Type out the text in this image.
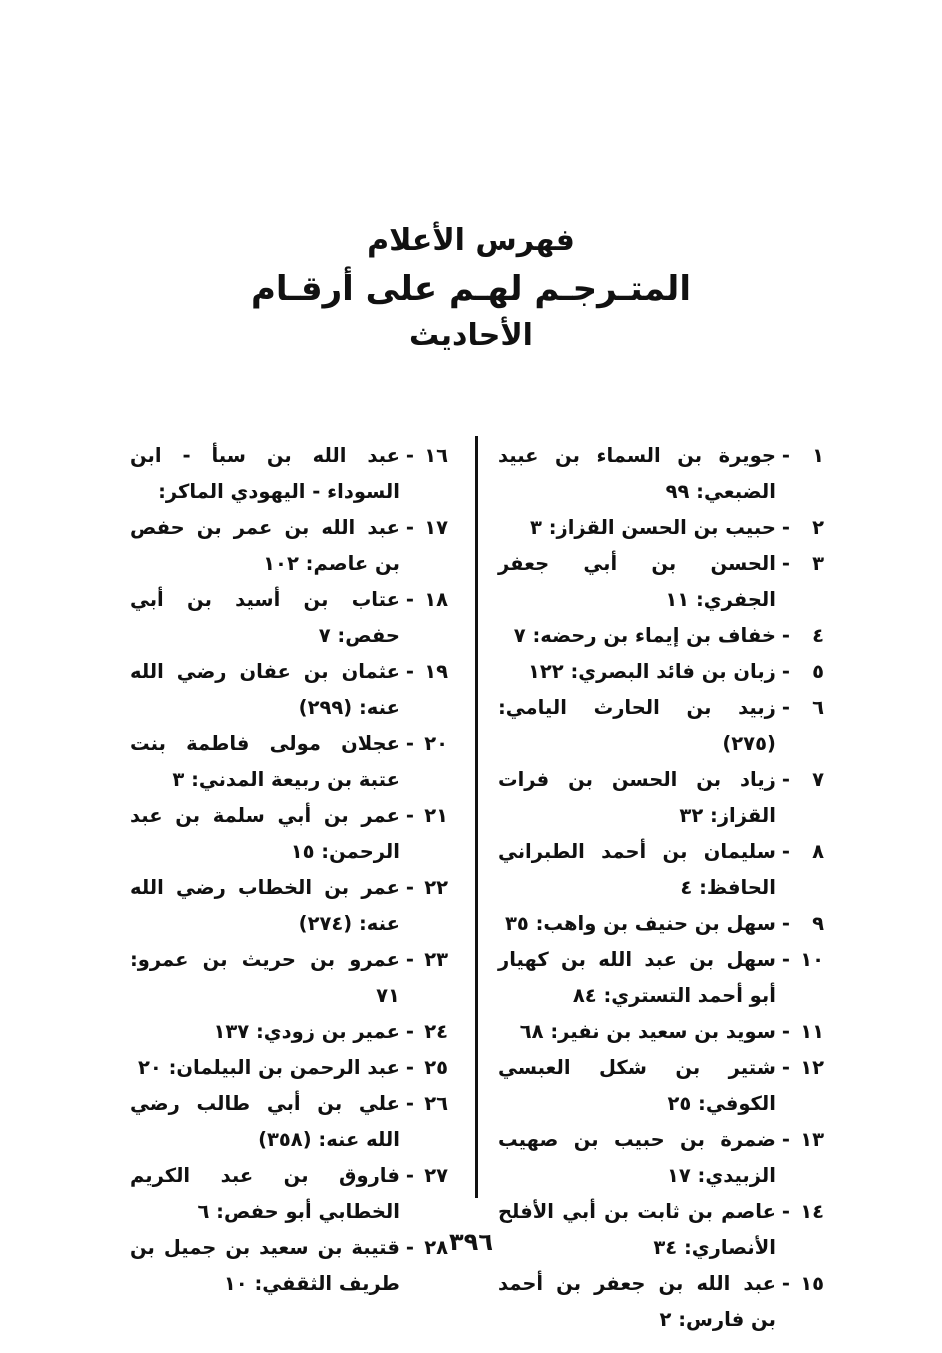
فهرس الأعلام
المتـرجـم لهـم على أرقـام
الأحاديث
١
-
جويرة بن السماء بن عبيد الضبعي: ٩٩
٢
-
حبيب بن الحسن القزاز: ٣
٣
-
الحسن بن أبي جعفر الجفري: ١١
٤
-
خفاف بن إيماء بن رحضه: ٧
٥
-
زبان بن فائد البصري: ١٢٢
٦
-
زبيد بن الحارث اليامي: (٢٧٥)
٧
-
زياد بن الحسن بن فرات القزاز: ٣٢
٨
-
سليمان بن أحمد الطبراني الحافظ: ٤
٩
-
سهل بن حنيف بن واهب: ٣٥
١٠
-
سهل بن عبد الله بن كهيار أبو أحمد التستري: ٨٤
١١
-
سويد بن سعيد بن نفير: ٦٨
١٢
-
شتير بن شكل العبسي الكوفي: ٢٥
١٣
-
ضمرة بن حبيب بن صهيب الزبيدي: ١٧
١٤
-
عاصم بن ثابت بن أبي الأفلح الأنصاري: ٣٤
١٥
-
عبد الله بن جعفر بن أحمد بن فارس: ٢
١٦
-
عبد الله بن سبأ - ابن السوداء - اليهودي الماكر:
١٧
-
عبد الله بن عمر بن حفص بن عاصم: ١٠٢
١٨
-
عتاب بن أسيد بن أبي حفص: ٧
١٩
-
عثمان بن عفان رضي الله عنه: (٢٩٩)
٢٠
-
عجلان مولى فاطمة بنت عتبة بن ربيعة المدني: ٣
٢١
-
عمر بن أبي سلمة بن عبد الرحمن: ١٥
٢٢
-
عمر بن الخطاب رضي الله عنه: (٢٧٤)
٢٣
-
عمرو بن حريث بن عمرو: ٧١
٢٤
-
عمير بن زودي: ١٣٧
٢٥
-
عبد الرحمن بن البيلمان: ٢٠
٢٦
-
علي بن أبي طالب رضي الله عنه: (٣٥٨)
٢٧
-
فاروق بن عبد الكريم الخطابي أبو حفص: ٦
٢٨
-
قتيبة بن سعيد بن جميل بن طريف الثقفي: ١٠
٣٩٦
